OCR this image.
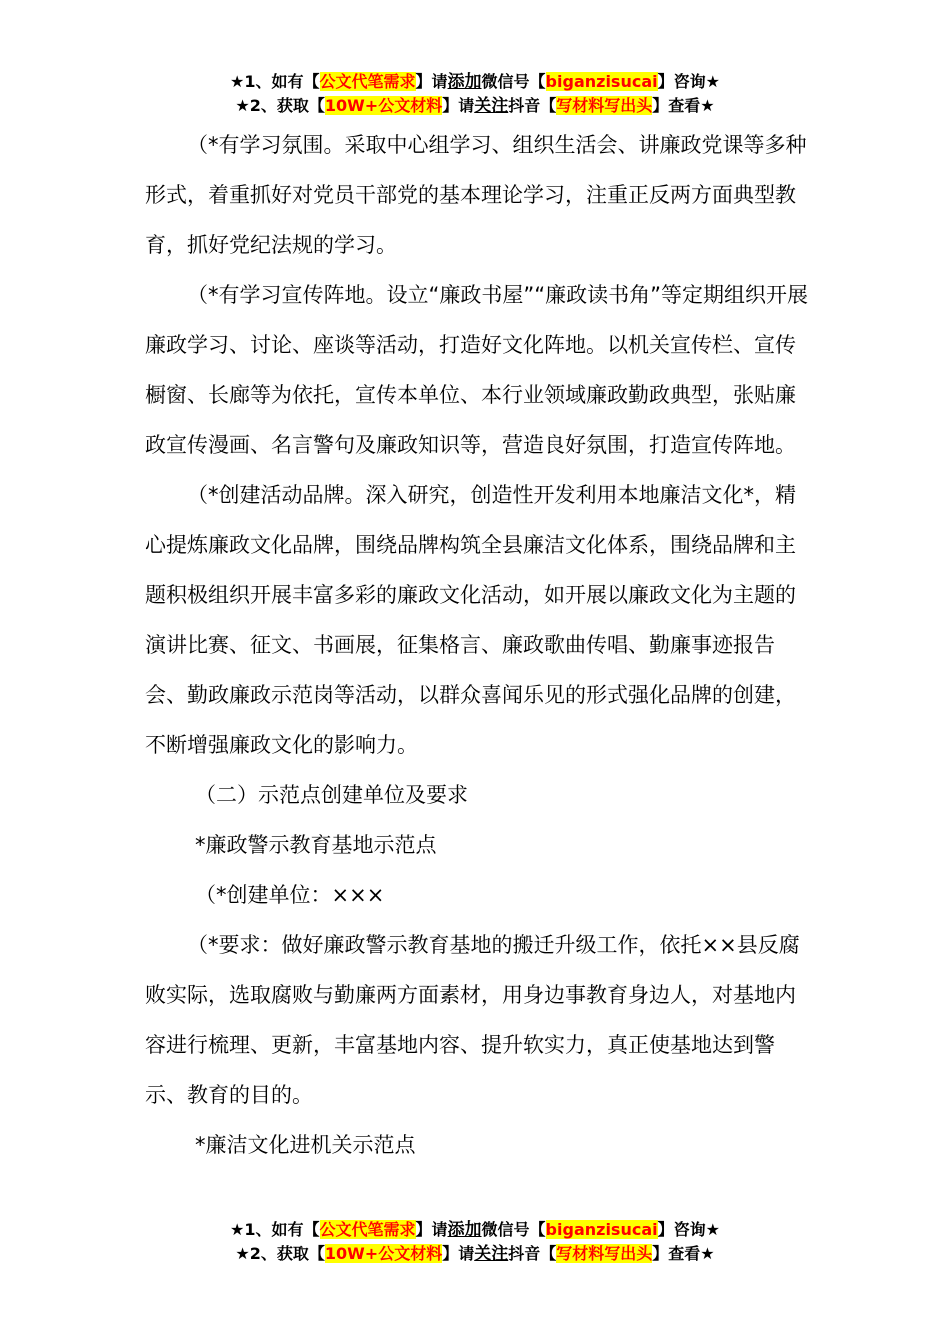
★1、如有【公文代笔需求】请添加微信号【biganzisucai】咨询★
★2、获取【10W+公文材料】请关注抖音【写材料写出头】查看★

（*有学习氛围。采取中心组学习、组织生活会、讲廉政党课等多种形式，着重抓好对党员干部党的基本理论学习，注重正反两方面典型教育，抓好党纪法规的学习。

（*有学习宣传阵地。设立“廉政书屋”“廉政读书角”等定期组织开展廉政学习、讨论、座谈等活动，打造好文化阵地。以机关宣传栏、宣传橱窗、长廊等为依托，宣传本单位、本行业领域廉政勤政典型，张贴廉政宣传漫画、名言警句及廉政知识等，营造良好氛围，打造宣传阵地。

（*创建活动品牌。深入研究，创造性开发利用本地廉洁文化*，精心提炼廉政文化品牌，围绕品牌构筑全县廉洁文化体系，围绕品牌和主题积极组织开展丰富多彩的廉政文化活动，如开展以廉政文化为主题的演讲比赛、征文、书画展，征集格言、廉政歌曲传唱、勤廉事迹报告会、勤政廉政示范岗等活动，以群众喜闻乐见的形式强化品牌的创建，不断增强廉政文化的影响力。

（二）示范点创建单位及要求

*廉政警示教育基地示范点

（*创建单位：×××

（*要求：做好廉政警示教育基地的搬迁升级工作，依托××县反腐败实际，选取腐败与勤廉两方面素材，用身边事教育身边人，对基地内容进行梳理、更新，丰富基地内容、提升软实力，真正使基地达到警示、教育的目的。

*廉洁文化进机关示范点

★1、如有【公文代笔需求】请添加微信号【biganzisucai】咨询★
★2、获取【10W+公文材料】请关注抖音【写材料写出头】查看★
